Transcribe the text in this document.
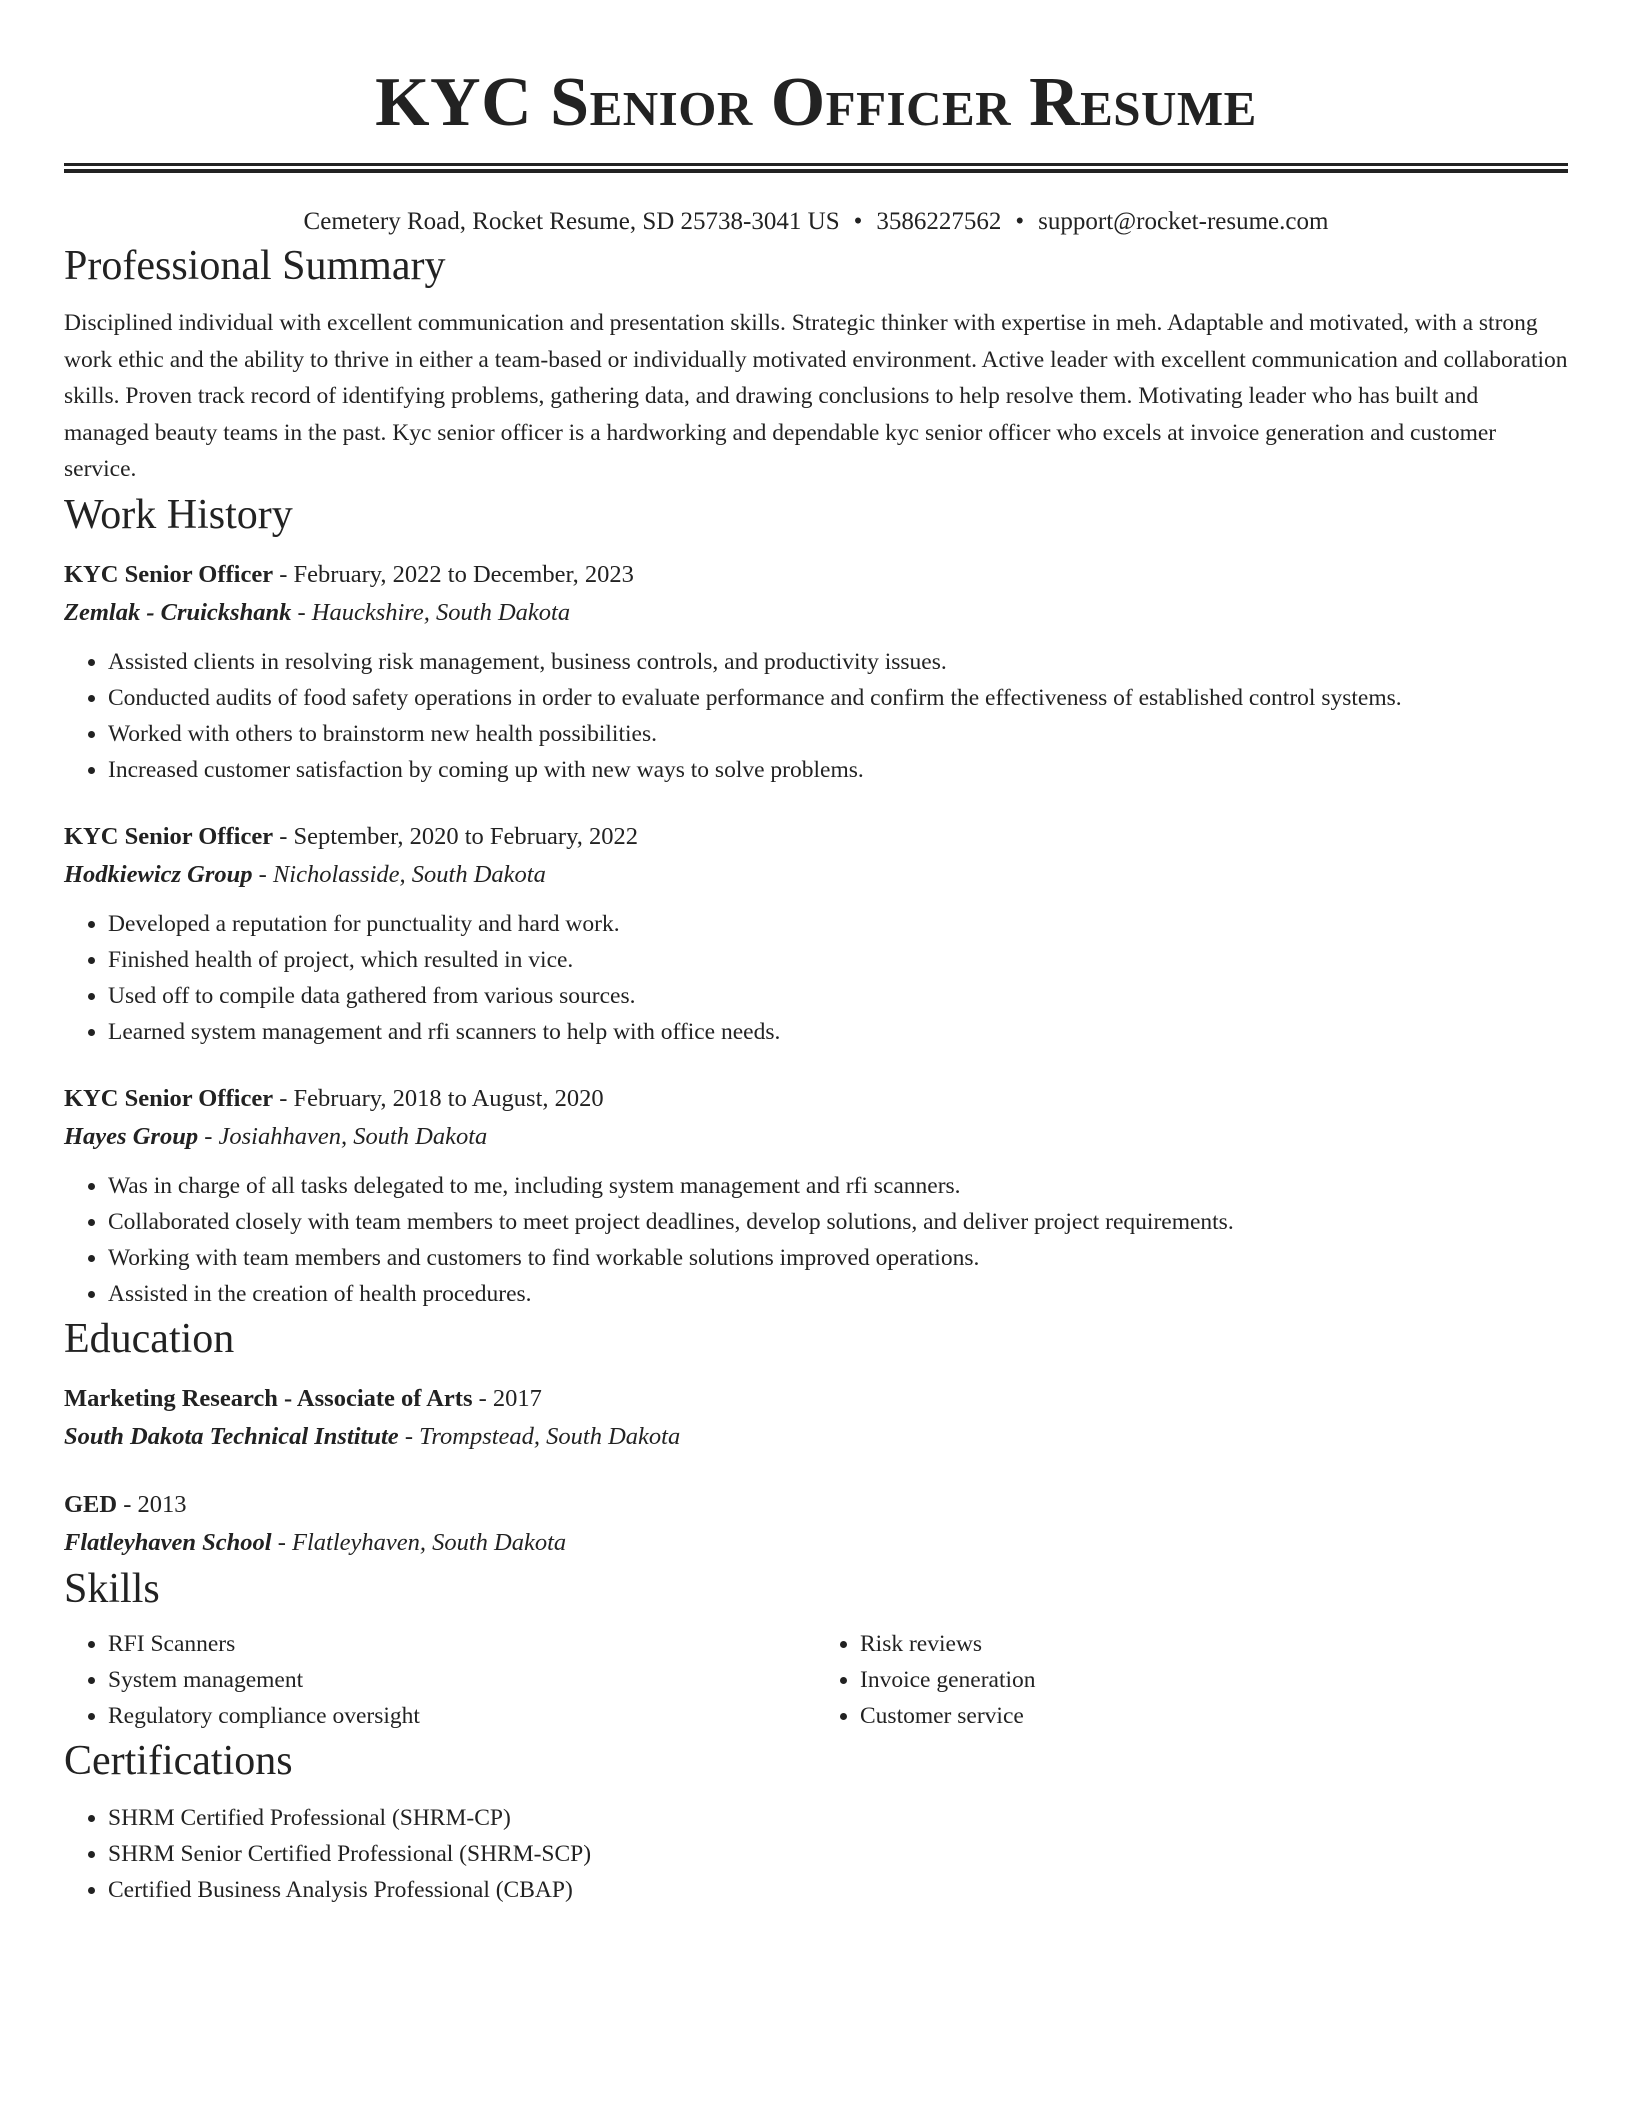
KYC Senior Officer Resume
Cemetery Road, Rocket Resume, SD 25738-3041 US • 3586227562 • support@rocket-resume.com
Professional Summary
Disciplined individual with excellent communication and presentation skills. Strategic thinker with expertise in meh. Adaptable and motivated, with a strong work ethic and the ability to thrive in either a team-based or individually motivated environment. Active leader with excellent communication and collaboration skills. Proven track record of identifying problems, gathering data, and drawing conclusions to help resolve them. Motivating leader who has built and managed beauty teams in the past. Kyc senior officer is a hardworking and dependable kyc senior officer who excels at invoice generation and customer service.
Work History
KYC Senior Officer - February, 2022 to December, 2023
Zemlak - Cruickshank - Hauckshire, South Dakota
• Assisted clients in resolving risk management, business controls, and productivity issues.
• Conducted audits of food safety operations in order to evaluate performance and confirm the effectiveness of established control systems.
• Worked with others to brainstorm new health possibilities.
• Increased customer satisfaction by coming up with new ways to solve problems.
KYC Senior Officer - September, 2020 to February, 2022
Hodkiewicz Group - Nicholasside, South Dakota
• Developed a reputation for punctuality and hard work.
• Finished health of project, which resulted in vice.
• Used off to compile data gathered from various sources.
• Learned system management and rfi scanners to help with office needs.
KYC Senior Officer - February, 2018 to August, 2020
Hayes Group - Josiahhaven, South Dakota
• Was in charge of all tasks delegated to me, including system management and rfi scanners.
• Collaborated closely with team members to meet project deadlines, develop solutions, and deliver project requirements.
• Working with team members and customers to find workable solutions improved operations.
• Assisted in the creation of health procedures.
Education
Marketing Research - Associate of Arts - 2017
South Dakota Technical Institute - Trompstead, South Dakota
GED - 2013
Flatleyhaven School - Flatleyhaven, South Dakota
Skills
• RFI Scanners
• System management
• Regulatory compliance oversight
• Risk reviews
• Invoice generation
• Customer service
Certifications
• SHRM Certified Professional (SHRM-CP)
• SHRM Senior Certified Professional (SHRM-SCP)
• Certified Business Analysis Professional (CBAP)
